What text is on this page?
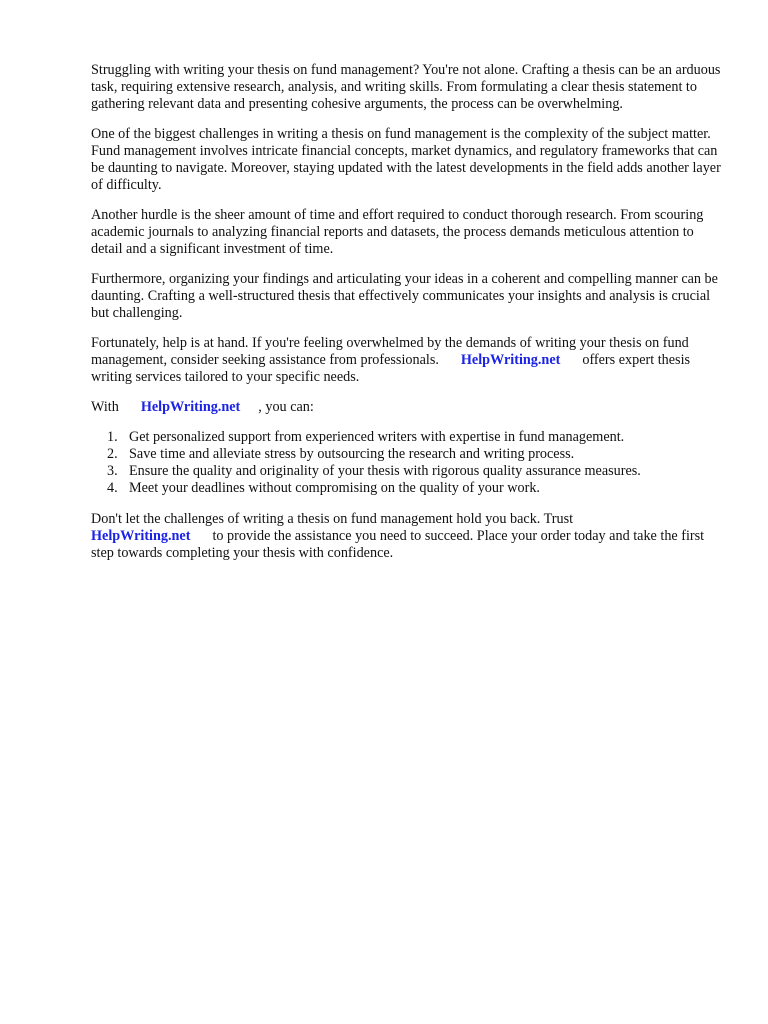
Struggling with writing your thesis on fund management? You're not alone. Crafting a thesis can be an arduous task, requiring extensive research, analysis, and writing skills. From formulating a clear thesis statement to gathering relevant data and presenting cohesive arguments, the process can be overwhelming.

One of the biggest challenges in writing a thesis on fund management is the complexity of the subject matter. Fund management involves intricate financial concepts, market dynamics, and regulatory frameworks that can be daunting to navigate. Moreover, staying updated with the latest developments in the field adds another layer of difficulty.

Another hurdle is the sheer amount of time and effort required to conduct thorough research. From scouring academic journals to analyzing financial reports and datasets, the process demands meticulous attention to detail and a significant investment of time.

Furthermore, organizing your findings and articulating your ideas in a coherent and compelling manner can be daunting. Crafting a well-structured thesis that effectively communicates your insights and analysis is crucial but challenging.

Fortunately, help is at hand. If you're feeling overwhelmed by the demands of writing your thesis on fund management, consider seeking assistance from professionals. HelpWriting.net offers expert thesis writing services tailored to your specific needs.

With HelpWriting.net , you can:

1. Get personalized support from experienced writers with expertise in fund management.
2. Save time and alleviate stress by outsourcing the research and writing process.
3. Ensure the quality and originality of your thesis with rigorous quality assurance measures.
4. Meet your deadlines without compromising on the quality of your work.

Don't let the challenges of writing a thesis on fund management hold you back. Trust
HelpWriting.net to provide the assistance you need to succeed. Place your order today and take the first step towards completing your thesis with confidence.
